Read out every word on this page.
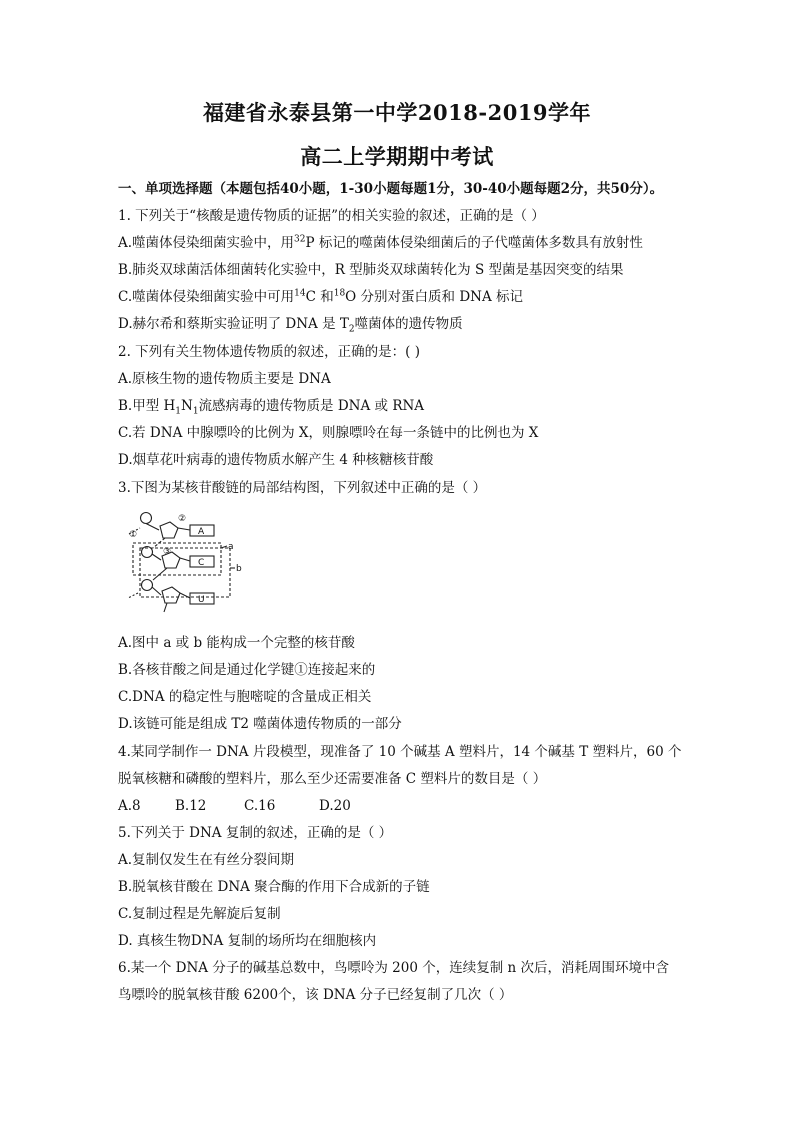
福建省永泰县第一中学2018-2019学年
高二上学期期中考试
一、单项选择题（本题包括40小题，1-30小题每题1分，30-40小题每题2分，共50分）。
1. 下列关于“核酸是遗传物质的证据”的相关实验的叙述，正确的是（ ）
A.噬菌体侵染细菌实验中，用$^{32}$P 标记的噬菌体侵染细菌后的子代噬菌体多数具有放射性
B.肺炎双球菌活体细菌转化实验中，R 型肺炎双球菌转化为 S 型菌是基因突变的结果
C.噬菌体侵染细菌实验中可用$^{14}$C 和$^{18}$O 分别对蛋白质和 DNA 标记
D.赫尔希和蔡斯实验证明了 DNA 是 $T_2$噬菌体的遗传物质
2. 下列有关生物体遗传物质的叙述，正确的是：( )
A.原核生物的遗传物质主要是 DNA
B.甲型 $H_1N_1$流感病毒的遗传物质是 DNA 或 RNA
C.若 DNA 中腺嘌呤的比例为 X，则腺嘌呤在每一条链中的比例也为 X
D.烟草花叶病毒的遗传物质水解产生 4 种核糖核苷酸
3.下图为某核苷酸链的局部结构图，下列叙述中正确的是（ ）
①
②
③
A
C
U
a
b
A.图中 a 或 b 能构成一个完整的核苷酸
B.各核苷酸之间是通过化学键①连接起来的
C.DNA 的稳定性与胞嘧啶的含量成正相关
D.该链可能是组成 T2 噬菌体遗传物质的一部分
4.某同学制作一 DNA 片段模型，现准备了 10 个碱基 A 塑料片，14 个碱基 T 塑料片，60 个
脱氧核糖和磷酸的塑料片，那么至少还需要准备 C 塑料片的数目是（ ）
A.8	B.12	C.16	D.20
5.下列关于 DNA 复制的叙述，正确的是（ ）
A.复制仅发生在有丝分裂间期
B.脱氧核苷酸在 DNA 聚合酶的作用下合成新的子链
C.复制过程是先解旋后复制
D. 真核生物DNA 复制的场所均在细胞核内
6.某一个 DNA 分子的碱基总数中，鸟嘌呤为 200 个，连续复制 n 次后，消耗周围环境中含
鸟嘌呤的脱氧核苷酸 6200个，该 DNA 分子已经复制了几次（ ）
